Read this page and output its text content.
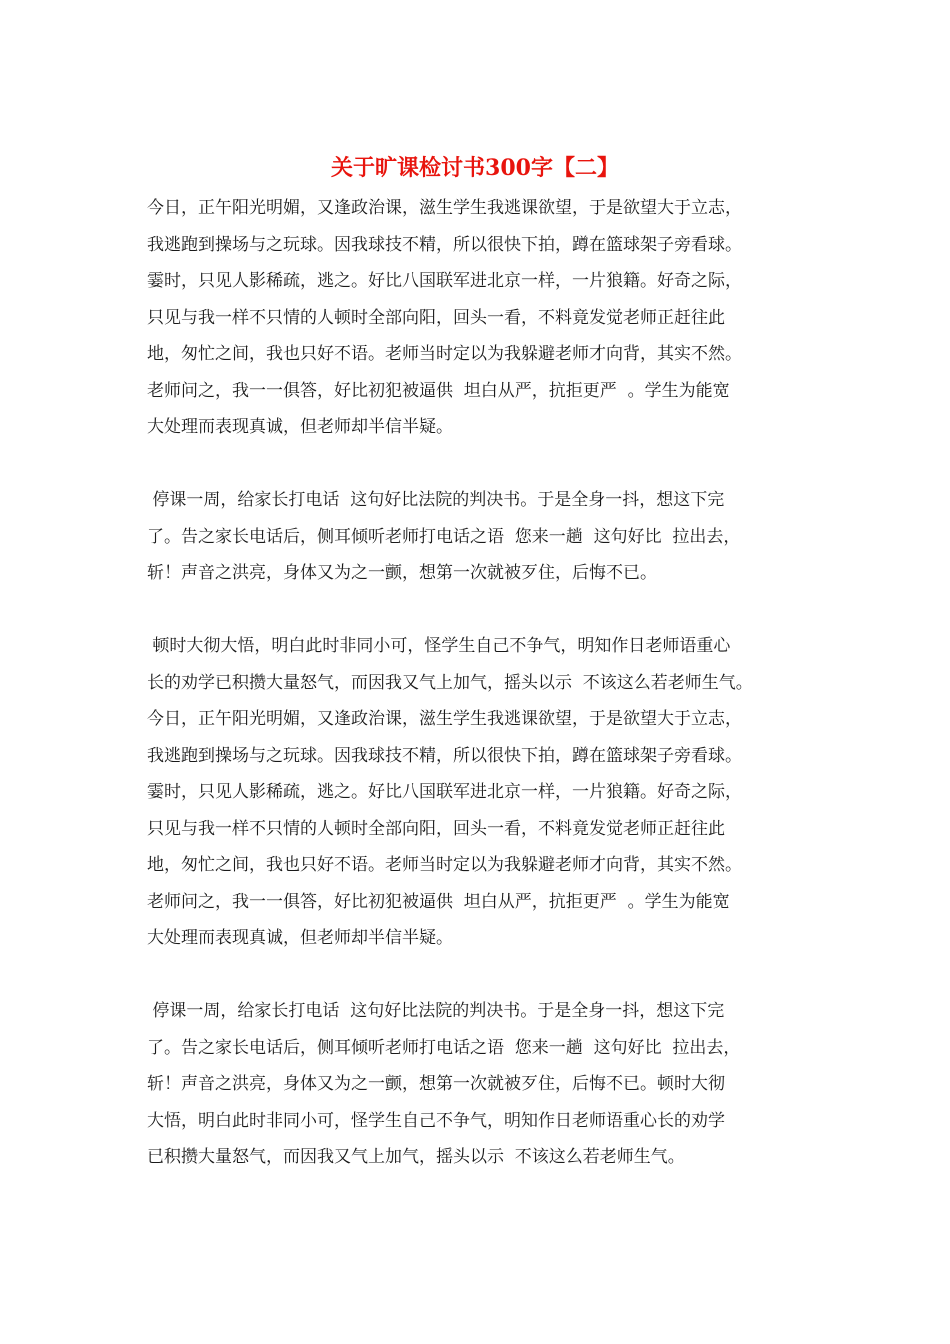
关于旷课检讨书300字【二】
今日，正午阳光明媚，又逢政治课，滋生学生我逃课欲望，于是欲望大于立志，
我逃跑到操场与之玩球。因我球技不精，所以很快下拍，蹲在篮球架子旁看球。
霎时，只见人影稀疏，逃之。好比八国联军进北京一样，一片狼籍。好奇之际，
只见与我一样不只情的人顿时全部向阳，回头一看，不料竟发觉老师正赶往此
地，匆忙之间，我也只好不语。老师当时定以为我躲避老师才向背，其实不然。
老师问之，我一一俱答，好比初犯被逼供  坦白从严，抗拒更严  。学生为能宽
大处理而表现真诚，但老师却半信半疑。
停课一周，给家长打电话  这句好比法院的判决书。于是全身一抖，想这下完
了。告之家长电话后，侧耳倾听老师打电话之语  您来一趟  这句好比  拉出去，
斩！声音之洪亮，身体又为之一颤，想第一次就被歹住，后悔不已。
顿时大彻大悟，明白此时非同小可，怪学生自己不争气，明知作日老师语重心
长的劝学已积攒大量怒气，而因我又气上加气，摇头以示  不该这么若老师生气。
今日，正午阳光明媚，又逢政治课，滋生学生我逃课欲望，于是欲望大于立志，
我逃跑到操场与之玩球。因我球技不精，所以很快下拍，蹲在篮球架子旁看球。
霎时，只见人影稀疏，逃之。好比八国联军进北京一样，一片狼籍。好奇之际，
只见与我一样不只情的人顿时全部向阳，回头一看，不料竟发觉老师正赶往此
地，匆忙之间，我也只好不语。老师当时定以为我躲避老师才向背，其实不然。
老师问之，我一一俱答，好比初犯被逼供  坦白从严，抗拒更严  。学生为能宽
大处理而表现真诚，但老师却半信半疑。
停课一周，给家长打电话  这句好比法院的判决书。于是全身一抖，想这下完
了。告之家长电话后，侧耳倾听老师打电话之语  您来一趟  这句好比  拉出去，
斩！声音之洪亮，身体又为之一颤，想第一次就被歹住，后悔不已。顿时大彻
大悟，明白此时非同小可，怪学生自己不争气，明知作日老师语重心长的劝学
已积攒大量怒气，而因我又气上加气，摇头以示  不该这么若老师生气。
